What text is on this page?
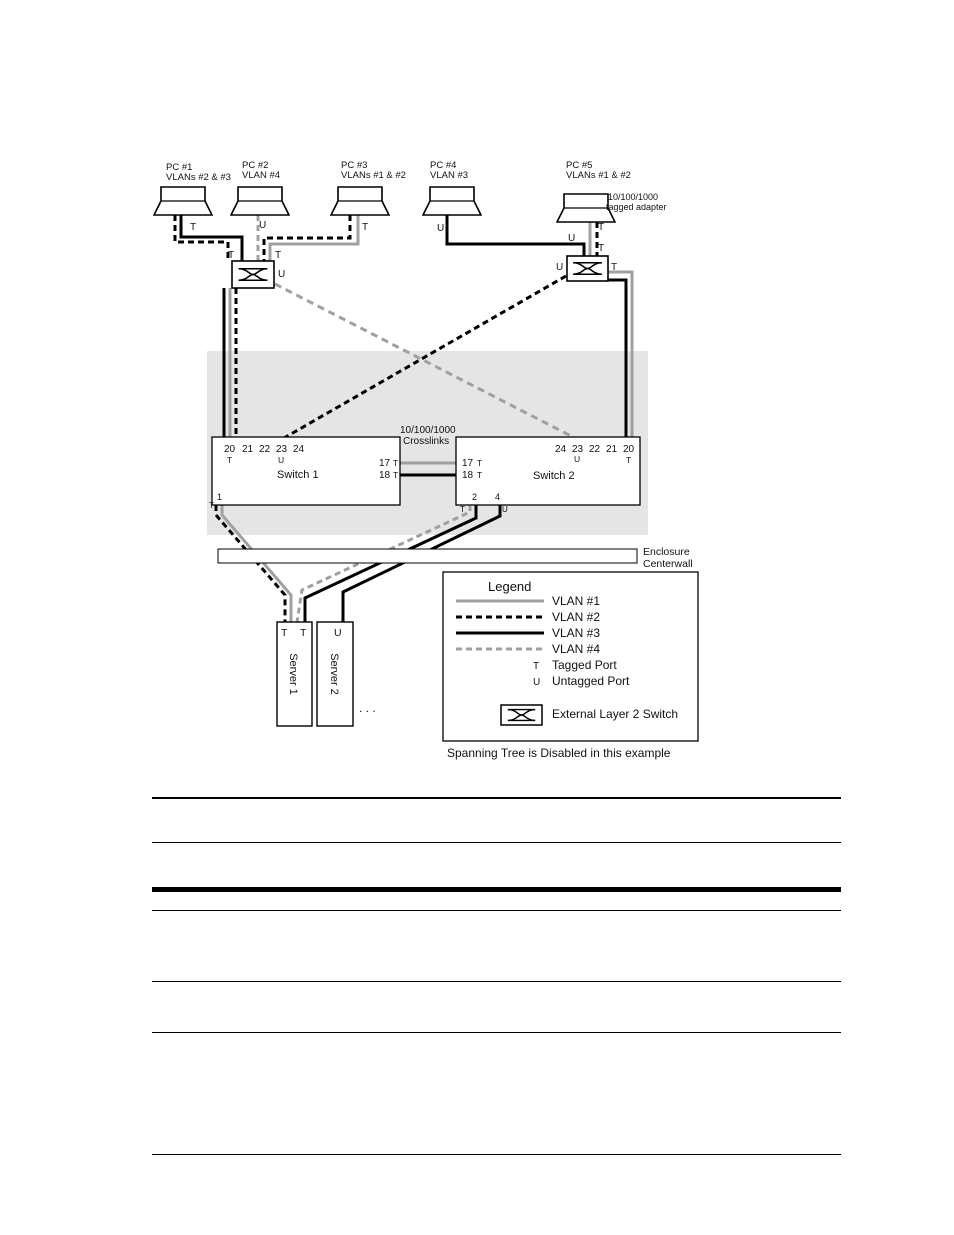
PC #1
VLANs #2 & #3
PC #2
VLAN #4
PC #3
VLANs #1 & #2
PC #4
VLAN #3
PC #5
VLANs #1 & #2
10/100/1000
tagged adapter
T	U	T	U	T
T
U
U	T
T	T
U
20 21 22 23 24
T	U	17
18
T
T
1
T
Switch 1
24 23 22 21 20
U	T
17
18
T
T
2 4
T	U
Switch 2
10/100/1000
Crosslinks
Enclosure
Centerwall
T T
Server 1
U
Server 2
. . .
Legend
VLAN #1
VLAN #2
VLAN #3
VLAN #4
T Tagged Port
U Untagged Port
External Layer 2 Switch
Spanning Tree is Disabled in this example
